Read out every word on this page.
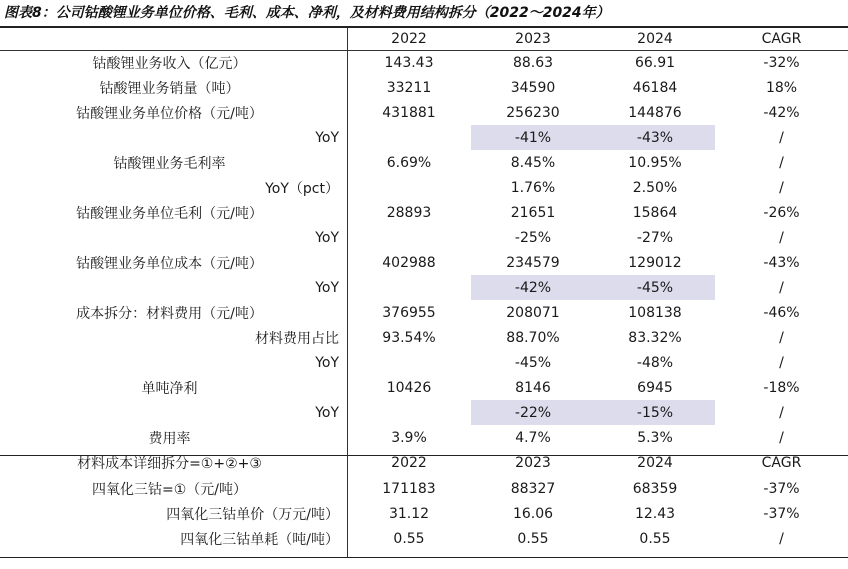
图表8：公司钴酸锂业务单位价格、毛利、成本、净利，及材料费用结构拆分（2022～2024年）
	2022	2023	2024	CAGR
钴酸锂业务收入（亿元）	143.43	88.63	66.91	-32%
钴酸锂业务销量（吨）	33211	34590	46184	18%
钴酸锂业务单位价格（元/吨）	431881	256230	144876	-42%
YoY		-41%	-43%	/
钴酸锂业务毛利率	6.69%	8.45%	10.95%	/
YoY（pct）		1.76%	2.50%	/
钴酸锂业务单位毛利（元/吨）	28893	21651	15864	-26%
YoY		-25%	-27%	/
钴酸锂业务单位成本（元/吨）	402988	234579	129012	-43%
YoY		-42%	-45%	/
成本拆分：材料费用（元/吨）	376955	208071	108138	-46%
材料费用占比	93.54%	88.70%	83.32%	/
YoY		-45%	-48%	/
单吨净利	10426	8146	6945	-18%
YoY		-22%	-15%	/
费用率	3.9%	4.7%	5.3%	/
材料成本详细拆分=①+②+③	2022	2023	2024	CAGR
四氧化三钴=①（元/吨）	171183	88327	68359	-37%
四氧化三钴单价（万元/吨）	31.12	16.06	12.43	-37%
四氧化三钴单耗（吨/吨）	0.55	0.55	0.55	/
